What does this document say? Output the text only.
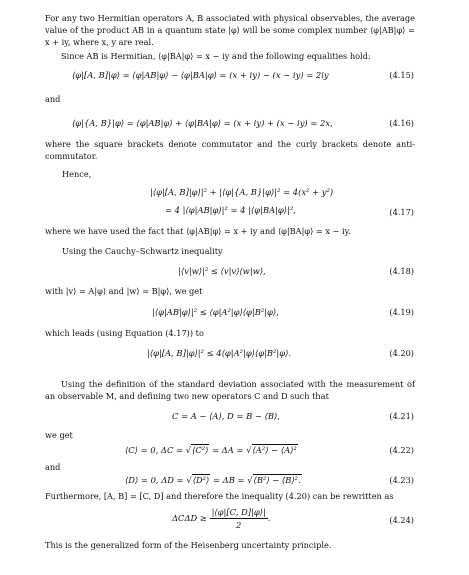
For any two Hermitian operators A, B associated with physical observables, the average value of the product AB in a quantum state |φ⟩ will be some complex number ⟨φ|AB|φ⟩ = x + iy, where x, y are real.
Since AB is Hermitian, ⟨φ|BA|φ⟩ = x − iy and the following equalities hold:
⟨φ|[A, B]|φ⟩ = ⟨φ|AB|φ⟩ − ⟨φ|BA|φ⟩ = (x + iy) − (x − iy) = 2iy	(4.15)
and
⟨φ|{A, B}|φ⟩ = ⟨φ|AB|φ⟩ + ⟨φ|BA|φ⟩ = (x + iy) + (x − iy) = 2x,	(4.16)
where the square brackets denote commutator and the curly brackets denote anti-commutator.
Hence,
|⟨φ|[A, B]|φ⟩|² + |⟨φ|{A, B}|φ⟩|² = 4(x² + y²)
= 4 |⟨φ|AB|φ⟩|² = 4 |⟨φ|BA|φ⟩|²,	(4.17)
where we have used the fact that ⟨φ|AB|φ⟩ = x + iy and ⟨φ|BA|φ⟩ = x − iy.
Using the Cauchy–Schwartz inequality
|⟨v|w⟩|² ≤ ⟨v|v⟩⟨w|w⟩,	(4.18)
with |v⟩ = A|φ⟩ and |w⟩ = B|φ⟩, we get
|⟨φ|AB|φ⟩|² ≤ ⟨φ|A²|φ⟩⟨φ|B²|φ⟩,	(4.19)
which leads (using Equation (4.17)) to
|⟨φ|[A, B]|φ⟩|² ≤ 4⟨φ|A²|φ⟩⟨φ|B²|φ⟩.	(4.20)
Using the definition of the standard deviation associated with the measurement of an observable M, and defining two new operators C and D such that
C = A − ⟨A⟩, D = B − ⟨B⟩,	(4.21)
we get
⟨C⟩ = 0, ΔC = √⟨C²⟩ = ΔA = √⟨A²⟩ − ⟨A⟩²	(4.22)
and
⟨D⟩ = 0, ΔD = √⟨D²⟩ = ΔB = √⟨B²⟩ − ⟨B⟩².	(4.23)
Furthermore, [A, B] = [C, D] and therefore the inequality (4.20) can be rewritten as
$\Delta C\Delta D \ge \frac{|⟨\varphi|[C, D]|\varphi⟩|}{2}$ .	(4.24)
This is the generalized form of the Heisenberg uncertainty principle.
